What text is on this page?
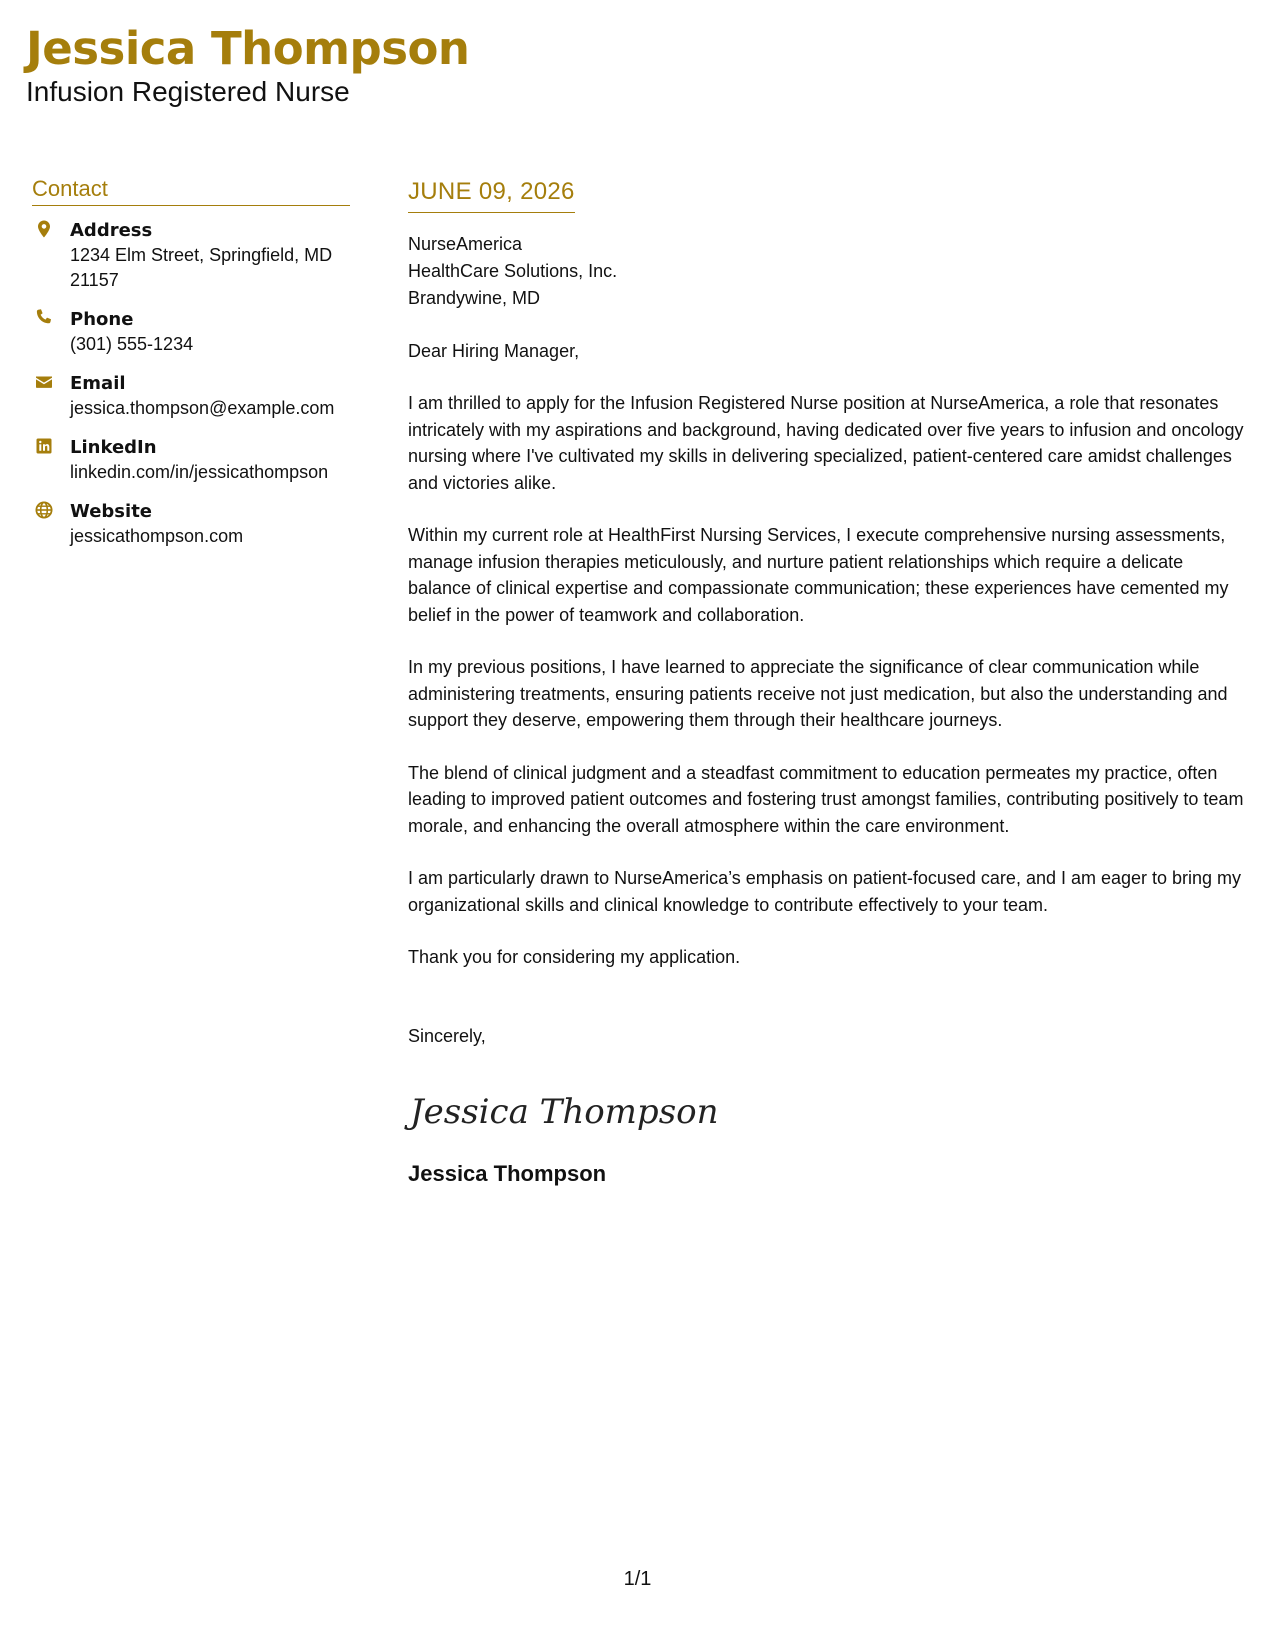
Jessica Thompson
Infusion Registered Nurse
Contact
Address
1234 Elm Street, Springfield, MD 21157
Phone
(301) 555-1234
Email
jessica.thompson@example.com
LinkedIn
linkedin.com/in/jessicathompson
Website
jessicathompson.com
JUNE 09, 2026
NurseAmerica
HealthCare Solutions, Inc.
Brandywine, MD
Dear Hiring Manager,
I am thrilled to apply for the Infusion Registered Nurse position at NurseAmerica, a role that resonates intricately with my aspirations and background, having dedicated over five years to infusion and oncology nursing where I've cultivated my skills in delivering specialized, patient-centered care amidst challenges and victories alike.
Within my current role at HealthFirst Nursing Services, I execute comprehensive nursing assessments, manage infusion therapies meticulously, and nurture patient relationships which require a delicate balance of clinical expertise and compassionate communication; these experiences have cemented my belief in the power of teamwork and collaboration.
In my previous positions, I have learned to appreciate the significance of clear communication while administering treatments, ensuring patients receive not just medication, but also the understanding and support they deserve, empowering them through their healthcare journeys.
The blend of clinical judgment and a steadfast commitment to education permeates my practice, often leading to improved patient outcomes and fostering trust amongst families, contributing positively to team morale, and enhancing the overall atmosphere within the care environment.
I am particularly drawn to NurseAmerica’s emphasis on patient-focused care, and I am eager to bring my organizational skills and clinical knowledge to contribute effectively to your team.
Thank you for considering my application.
Sincerely,
Jessica Thompson
Jessica Thompson
1/1
